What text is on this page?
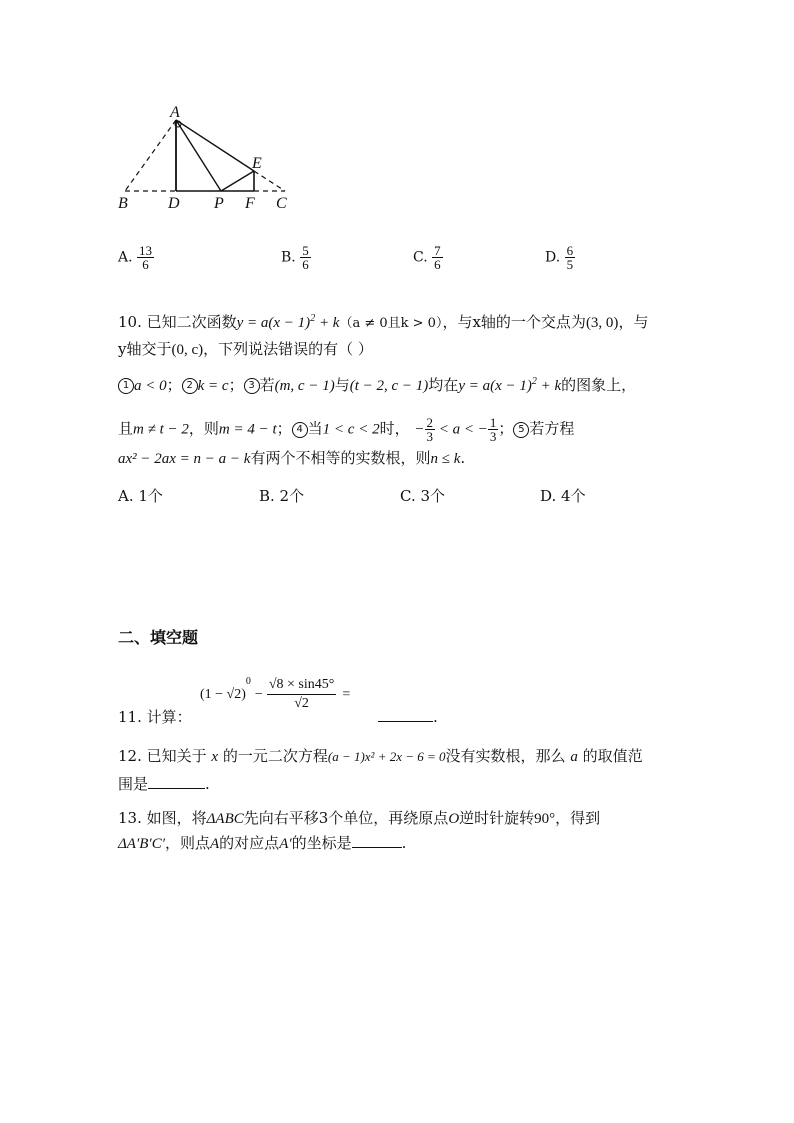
A
E
B	D P F C
A. $\frac{13}{6}$	B. $\frac{5}{6}$	C. $\frac{7}{6}$	D. $\frac{6}{5}$
10. 已知二次函数$y = a(x - 1)^2 + k(a \ne 0$且k > 0），与x轴的一个交点为(3, 0)，与
y轴交于(0, c)，下列说法错误的有（ ）
1 a < 0； 2 k = c； 3 若(m, c − 1)与(t − 2, c − 1)均在$y = a(x - 1)^2 + k$的图象上，
且m ≠ t − 2，则m = 4 − t； 4 当1 < c < 2时， − $\frac{2}{3} < a$ < − $\frac{1}{3}$ ； 5 若方程
ax² − 2ax = n − a − k有两个不相等的实数根，则n ≤ k.
A. 1个	B. 2个	C. 3个	D. 4个
二、填空题
(1 − √2)
$^0$
− $\frac{√8 \times \sin 45^\circ}{√2}$ =
11. 计算：	.
12. 已知关于 x 的一元二次方程(a − 1)x² + 2x − 6 = 0没有实数根，那么 a 的取值范
围是	.
13. 如图，将ΔABC先向右平移3个单位，再绕原点O逆时针旋转90°，得到
ΔA′B′C′，则点A的对应点A′的坐标是	.
